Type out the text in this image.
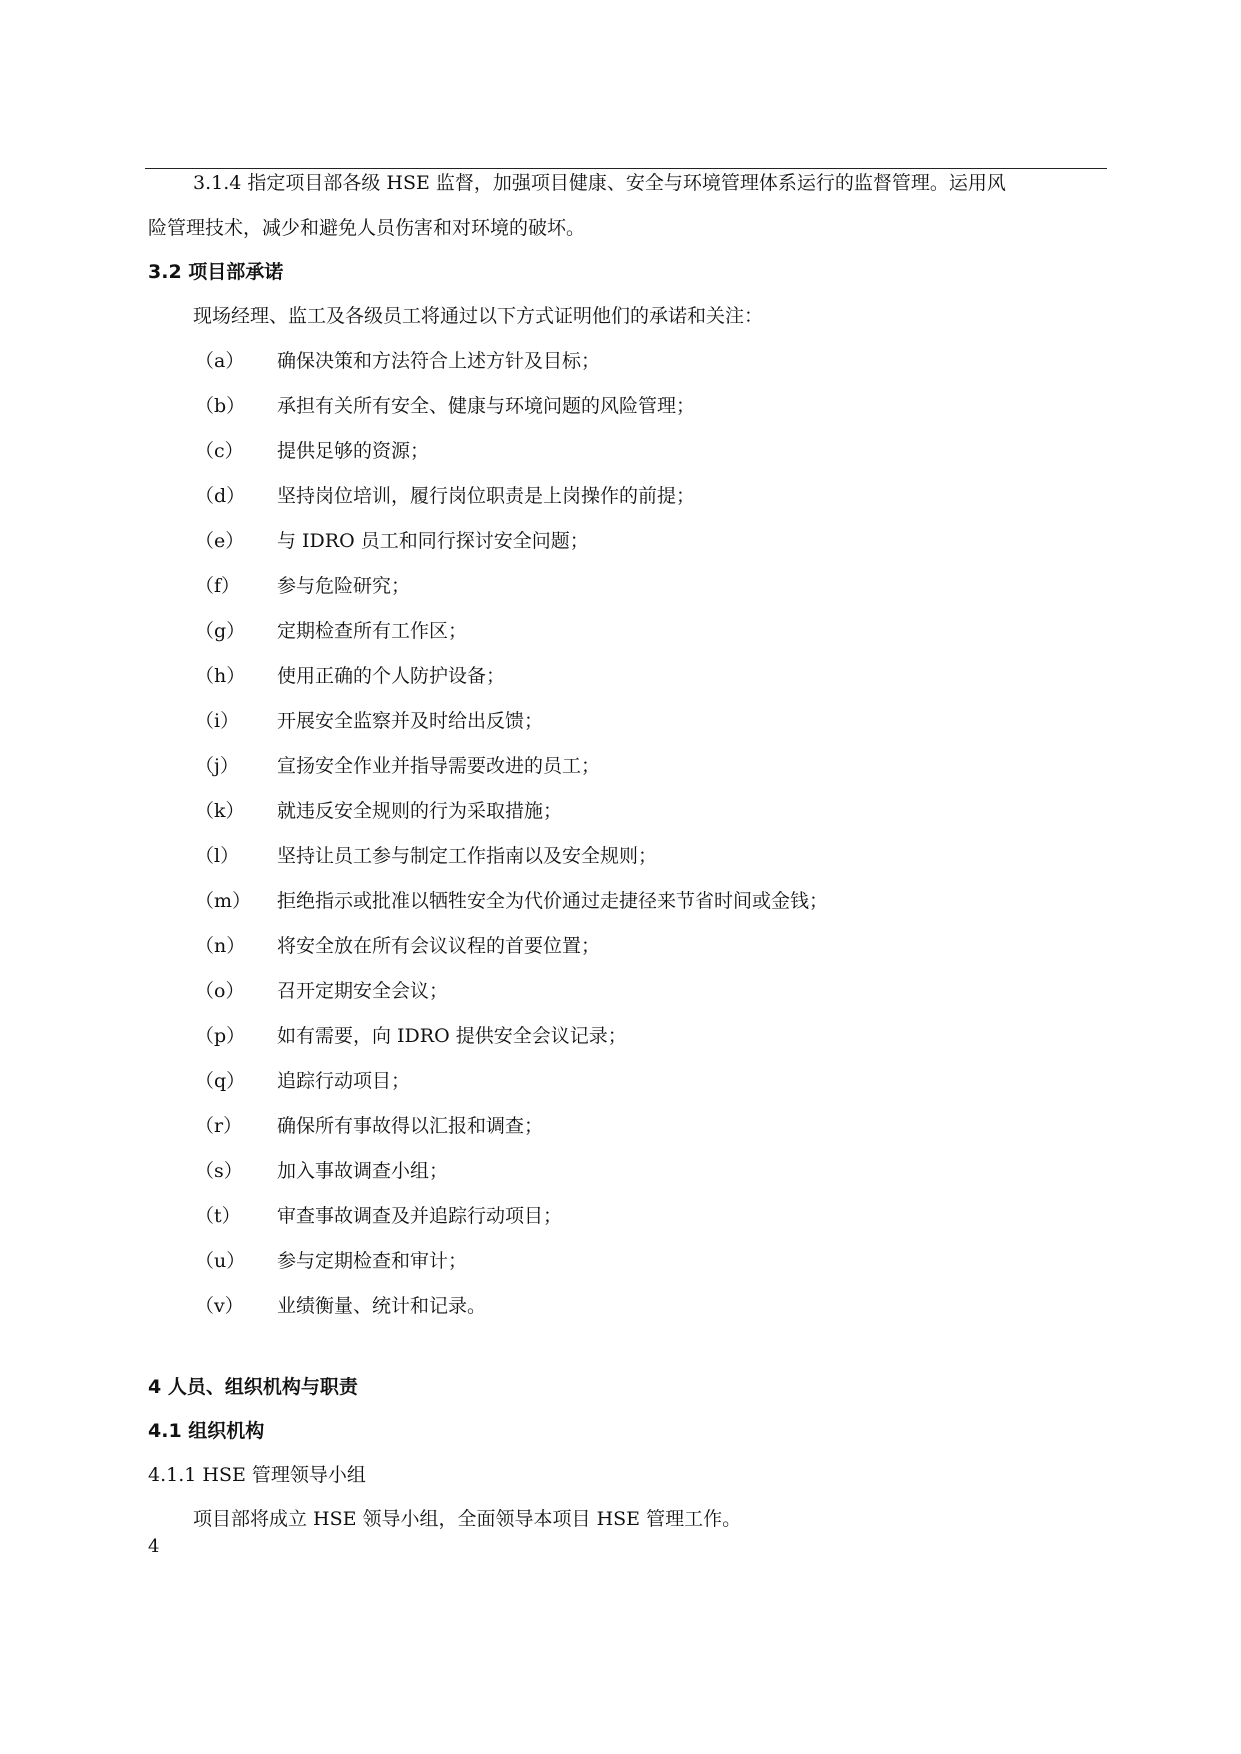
3.1.4 指定项目部各级 HSE 监督，加强项目健康、安全与环境管理体系运行的监督管理。运用风
险管理技术，减少和避免人员伤害和对环境的破坏。
3.2 项目部承诺
现场经理、监工及各级员工将通过以下方式证明他们的承诺和关注：
（a）	确保决策和方法符合上述方针及目标；
（b）	承担有关所有安全、健康与环境问题的风险管理；
（c）	提供足够的资源；
（d）	坚持岗位培训，履行岗位职责是上岗操作的前提；
（e）	与 IDRO 员工和同行探讨安全问题；
（f）	参与危险研究；
（g）	定期检查所有工作区；
（h）	使用正确的个人防护设备；
（i）	开展安全监察并及时给出反馈；
（j）	宣扬安全作业并指导需要改进的员工；
（k）	就违反安全规则的行为采取措施；
（l）	坚持让员工参与制定工作指南以及安全规则；
（m）	拒绝指示或批准以牺牲安全为代价通过走捷径来节省时间或金钱；
（n）	将安全放在所有会议议程的首要位置；
（o）	召开定期安全会议；
（p）	如有需要，向 IDRO 提供安全会议记录；
（q）	追踪行动项目；
（r）	确保所有事故得以汇报和调查；
（s）	加入事故调查小组；
（t）	审查事故调查及并追踪行动项目；
（u）	参与定期检查和审计；
（v）	业绩衡量、统计和记录。
4 人员、组织机构与职责
4.1 组织机构
4.1.1 HSE 管理领导小组
项目部将成立 HSE 领导小组，全面领导本项目 HSE 管理工作。
4
